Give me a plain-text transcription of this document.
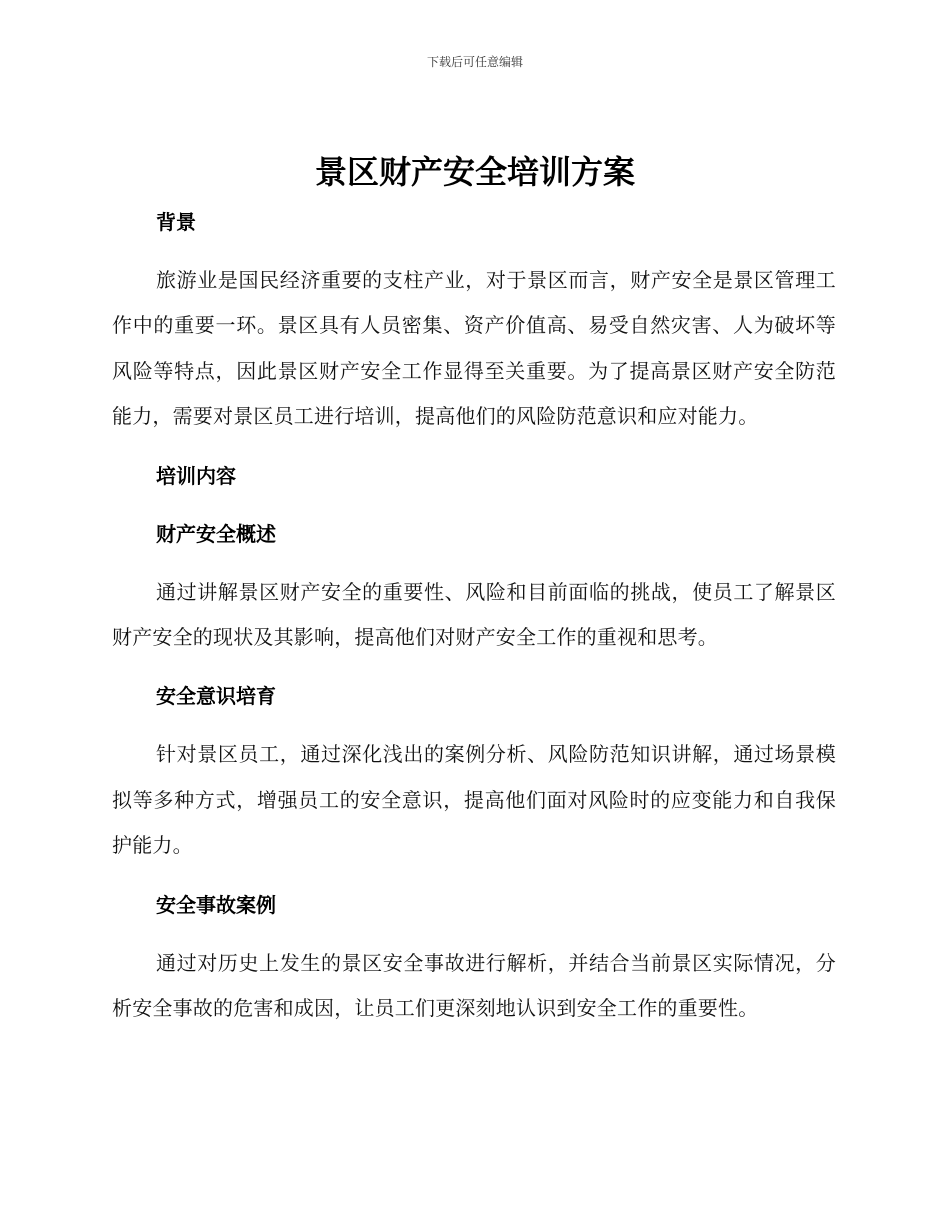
下载后可任意编辑
景区财产安全培训方案
背景

旅游业是国民经济重要的支柱产业，对于景区而言，财产安全是景区管理工作中的重要一环。景区具有人员密集、资产价值高、易受自然灾害、人为破坏等风险等特点，因此景区财产安全工作显得至关重要。为了提高景区财产安全防范能力，需要对景区员工进行培训，提高他们的风险防范意识和应对能力。

培训内容
财产安全概述

通过讲解景区财产安全的重要性、风险和目前面临的挑战，使员工了解景区财产安全的现状及其影响，提高他们对财产安全工作的重视和思考。

安全意识培育

针对景区员工，通过深化浅出的案例分析、风险防范知识讲解，通过场景模拟等多种方式，增强员工的安全意识，提高他们面对风险时的应变能力和自我保护能力。

安全事故案例

通过对历史上发生的景区安全事故进行解析，并结合当前景区实际情况，分析安全事故的危害和成因，让员工们更深刻地认识到安全工作的重要性。
